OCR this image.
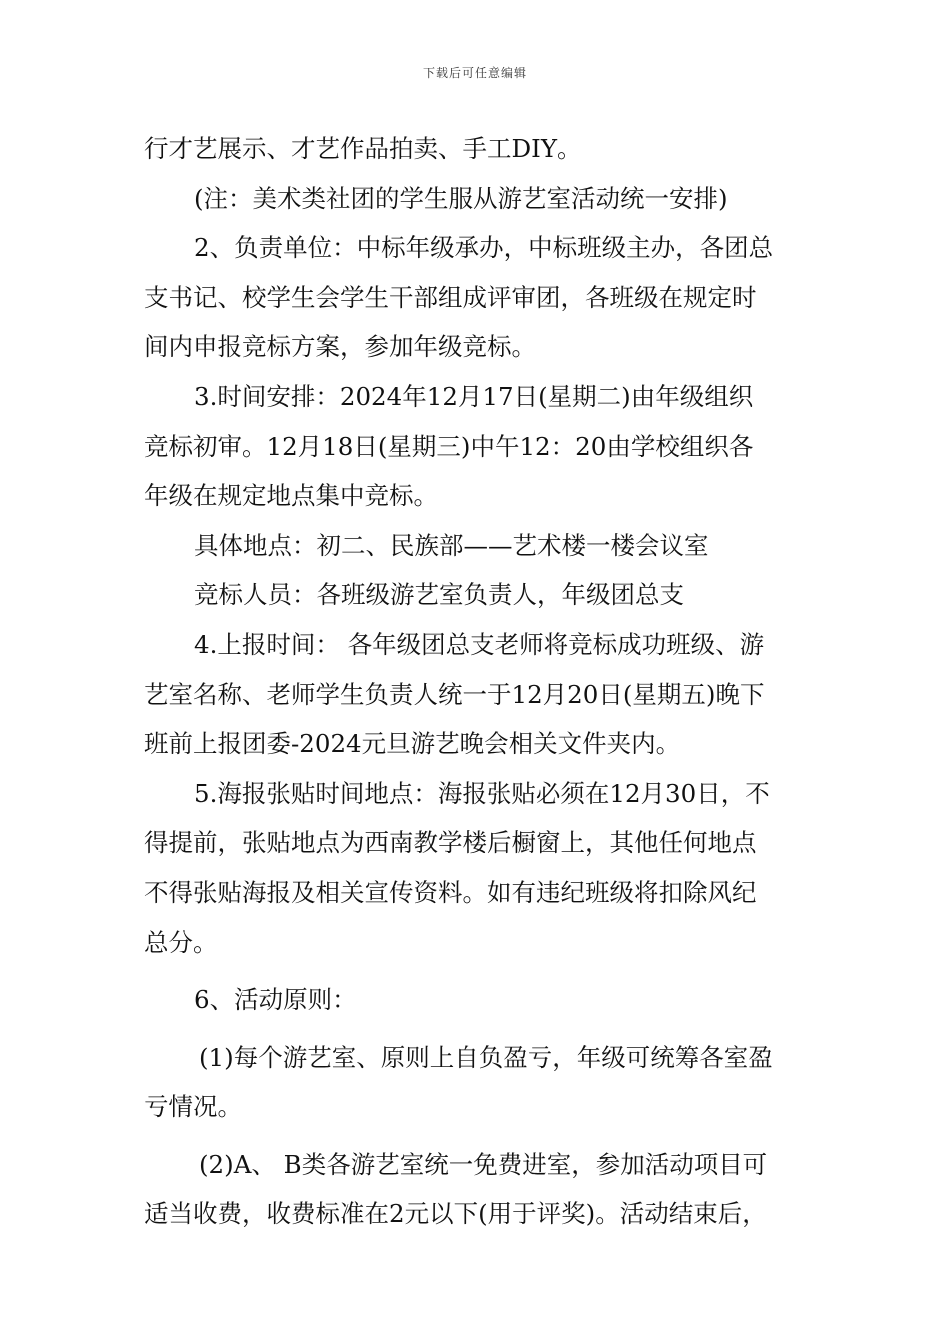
下载后可任意编辑
行才艺展示、才艺作品拍卖、手工DIY。
(注：美术类社团的学生服从游艺室活动统一安排)
2、负责单位：中标年级承办，中标班级主办，各团总
支书记、校学生会学生干部组成评审团，各班级在规定时
间内申报竞标方案，参加年级竞标。
3.时间安排：2024年12月17日(星期二)由年级组织
竞标初审。12月18日(星期三)中午12：20由学校组织各
年级在规定地点集中竞标。
具体地点：初二、民族部——艺术楼一楼会议室
竞标人员：各班级游艺室负责人，年级团总支
4.上报时间： 各年级团总支老师将竞标成功班级、游
艺室名称、老师学生负责人统一于12月20日(星期五)晚下
班前上报团委-2024元旦游艺晚会相关文件夹内。
5.海报张贴时间地点：海报张贴必须在12月30日，不
得提前，张贴地点为西南教学楼后橱窗上，其他任何地点
不得张贴海报及相关宣传资料。如有违纪班级将扣除风纪
总分。
6、活动原则：
(1)每个游艺室、原则上自负盈亏，年级可统筹各室盈
亏情况。
(2)A、 B类各游艺室统一免费进室，参加活动项目可
适当收费，收费标准在2元以下(用于评奖)。活动结束后，
